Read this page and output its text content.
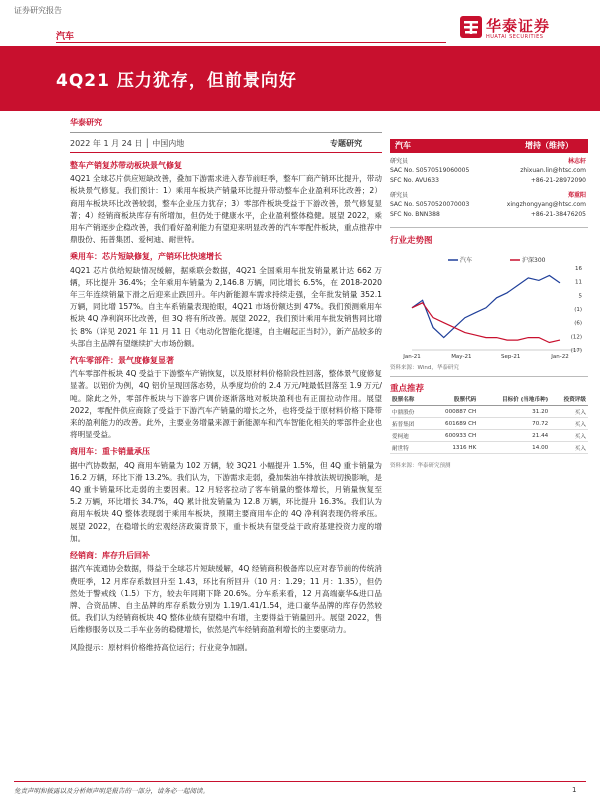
证券研究报告
汽车
华泰证券
HUATAI SECURITIES
4Q21 压力犹存，但前景向好
华泰研究
2022 年 1 月 24 日 │ 中国内地	专题研究
整车产销复苏带动板块景气修复

4Q21 全球芯片供应短缺改善，叠加下游需求进入春节前旺季，整车厂商产销环比提升，带动板块景气修复。我们预计：1）乘用车板块产销量环比提升带动整车企业盈利环比改善；2）商用车板块环比改善较弱，整车企业压力犹存；3）零部件板块受益于下游改善，景气修复显著；4）经销商板块库存有所增加，但仍处于健康水平，企业盈利整体稳健。展望 2022，乘用车产销逐步企稳改善，我们看好盈利能力有望迎来明显改善的汽车零配件板块，重点推荐中鼎股份、拓普集团、爱柯迪、耐世特。

乘用车：芯片短缺修复，产销环比快速增长

4Q21 芯片供给短缺情况缓解，据乘联会数据，4Q21 全国乘用车批发销量累计达 662 万辆，环比提升 36.4%；全年乘用车销量为 2,146.8 万辆，同比增长 6.5%，在 2018-2020 年三年连续销量下滑之后迎来止跌回升。年内新能源车需求持续走强，全年批发销量 352.1 万辆，同比增 157%。自主车系销量表现抢眼，4Q21 市场份额达到 47%。我们预测乘用车板块 4Q 净利润环比改善，但 3Q 将有所改善。展望 2022，我们预计乘用车批发销售同比增长 8%（详见 2021 年 11 月 11 日《电动化智能化提速，自主崛起正当时》），新产品较多的头部自主品牌有望继续扩大市场份额。

汽车零部件：景气度修复显著

汽车零部件板块 4Q 受益于下游整车产销恢复，以及原材料价格阶段性回落，整体景气度修复显著。以铝价为例，4Q 铝价呈现回落态势，从季度均价的 2.4 万元/吨最低回落至 1.9 万元/吨。除此之外，零部件板块与下游客户调价逐渐落地对板块盈利也有正面拉动作用。展望 2022，零配件供应商除了受益于下游汽车产销量的增长之外，也将受益于原材料价格下降带来的盈利能力的改善。此外，主要业务增量来源于新能源车和汽车智能化相关的零部件企业也将明显受益。

商用车：重卡销量承压

据中汽协数据，4Q 商用车销量为 102 万辆，较 3Q21 小幅提升 1.5%，但 4Q 重卡销量为 16.2 万辆，环比下滑 13.2%。我们认为，下游需求走弱，叠加柴油车排放法规切换影响，是 4Q 重卡销量环比走弱的主要因素。12 月轻客拉动了客车销量的整体增长，月销量恢复至 5.2 万辆，环比增长 34.7%，4Q 累计批发销量为 12.8 万辆，环比提升 16.3%。我们认为商用车板块 4Q 整体表现弱于乘用车板块，预期主要商用车企的 4Q 净利润表现仍将承压。展望 2022，在稳增长的宏观经济政策背景下，重卡板块有望受益于政府基建投资力度的增加。

经销商：库存升后回补

据汽车流通协会数据，得益于全球芯片短缺缓解，4Q 经销商积极备库以应对春节前的传统消费旺季，12 月库存系数回升至 1.43，环比有所回升（10 月：1.29；11 月：1.35），但仍然处于警戒线（1.5）下方，较去年同期下降 20.6%。分车系来看，12 月高端豪华&进口品牌、合资品牌、自主品牌的库存系数分别为 1.19/1.41/1.54，进口豪华品牌的库存仍然较低。我们认为经销商板块 4Q 整体业绩有望稳中有增，主要得益于销量回升。展望 2022，售后维修服务以及二手车业务的稳健增长，依然是汽车经销商盈利增长的主要驱动力。

风险提示：原材料价格维持高位运行；行业竞争加剧。

汽车	增持（维持）
研究员	林志轩
SAC No. S0570519060005	zhixuan.lin@htsc.com
SFC No. AVU633	+86-21-28972090
研究员	郑重阳
SAC No. S0570520070003	xingzhongyang@htsc.com
SFC No. BNN388	+86-21-38476205
行业走势图
汽车	沪深300
16
11
5
(1)
(6)
(12)
(17)
Jan-21	May-21	Sep-21	Jan-22
资料来源：Wind，华泰研究
重点推荐
股票名称	股票代码	目标价 (当地币种)	投资评级
中鼎股份	000887 CH	31.20	买入
拓普集团	601689 CH	70.72	买入
爱柯迪	600933 CH	21.44	买入
耐世特	1316 HK	14.00	买入
资料来源：华泰研究预测
免责声明和披露以及分析师声明是报告的一部分，请务必一起阅读。	1
